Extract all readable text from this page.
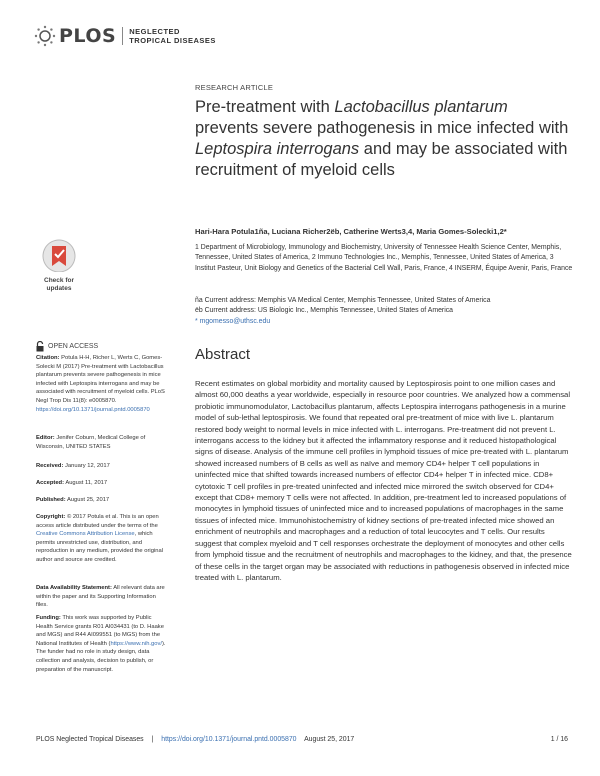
PLOS NEGLECTED
TROPICAL DISEASES
RESEARCH ARTICLE
Pre-treatment with Lactobacillus plantarum prevents severe pathogenesis in mice infected with Leptospira interrogans and may be associated with recruitment of myeloid cells
Hari-Hara Potula1ña, Luciana Richer2ëb, Catherine Werts3,4, Maria Gomes-Solecki1,2*
1 Department of Microbiology, Immunology and Biochemistry, University of Tennessee Health Science Center, Memphis, Tennessee, United States of America, 2 Immuno Technologies Inc., Memphis, Tennessee, United States of America, 3 Institut Pasteur, Unit Biology and Genetics of the Bacterial Cell Wall, Paris, France, 4 INSERM, Équipe Avenir, Paris, France
ña Current address: Memphis VA Medical Center, Memphis Tennessee, United States of America
ëb Current address: US Biologic Inc., Memphis Tennessee, United States of America
* mgomesso@uthsc.edu
Check for
updates
OPEN ACCESS
Citation: Potula H-H, Richer L, Werts C, Gomes-Solecki M (2017) Pre-treatment with Lactobacillus plantarum prevents severe pathogenesis in mice infected with Leptospira interrogans and may be associated with recruitment of myeloid cells. PLoS Negl Trop Dis 11(8): e0005870. https://doi.org/10.1371/journal.pntd.0005870
Editor: Jenifer Coburn, Medical College of Wisconsin, UNITED STATES
Received: January 12, 2017
Accepted: August 11, 2017
Published: August 25, 2017
Copyright: © 2017 Potula et al. This is an open access article distributed under the terms of the Creative Commons Attribution License, which permits unrestricted use, distribution, and reproduction in any medium, provided the original author and source are credited.
Data Availability Statement: All relevant data are within the paper and its Supporting Information files.
Funding: This work was supported by Public Health Service grants R01 AI034431 (to D. Haake and MGS) and R44 AI099551 (to MGS) from the National Institutes of Health (https://www.nih.gov/). The funder had no role in study design, data collection and analysis, decision to publish, or preparation of the manuscript.
Abstract
Recent estimates on global morbidity and mortality caused by Leptospirosis point to one million cases and almost 60,000 deaths a year worldwide, especially in resource poor countries. We analyzed how a commensal probiotic immunomodulator, Lactobacillus plantarum, affects Leptospira interrogans pathogenesis in a murine model of sub-lethal leptospirosis. We found that repeated oral pre-treatment of mice with live L. plantarum restored body weight to normal levels in mice infected with L. interrogans. Pre-treatment did not prevent L. interrogans access to the kidney but it affected the inflammatory response and it reduced histopathological signs of disease. Analysis of the immune cell profiles in lymphoid tissues of mice pre-treated with L. plantarum showed increased numbers of B cells as well as naïve and memory CD4+ helper T cell populations in uninfected mice that shifted towards increased numbers of effector CD4+ helper T in infected mice. CD8+ cytotoxic T cell profiles in pre-treated uninfected and infected mice mirrored the switch observed for CD4+ except that CD8+ memory T cells were not affected. In addition, pre-treatment led to increased populations of monocytes in lymphoid tissues of uninfected mice and to increased populations of macrophages in the same tissues of infected mice. Immunohistochemistry of kidney sections of pre-treated infected mice showed an enrichment of neutrophils and macrophages and a reduction of total leucocytes and T cells. Our results suggest that complex myeloid and T cell responses orchestrate the deployment of monocytes and other cells from lymphoid tissue and the recruitment of neutrophils and macrophages to the kidney, and that, the presence of these cells in the target organ may be associated with reductions in pathogenesis observed in infected mice treated with L. plantarum.
PLOS Neglected Tropical Diseases | https://doi.org/10.1371/journal.pntd.0005870 August 25, 2017	1 / 16
